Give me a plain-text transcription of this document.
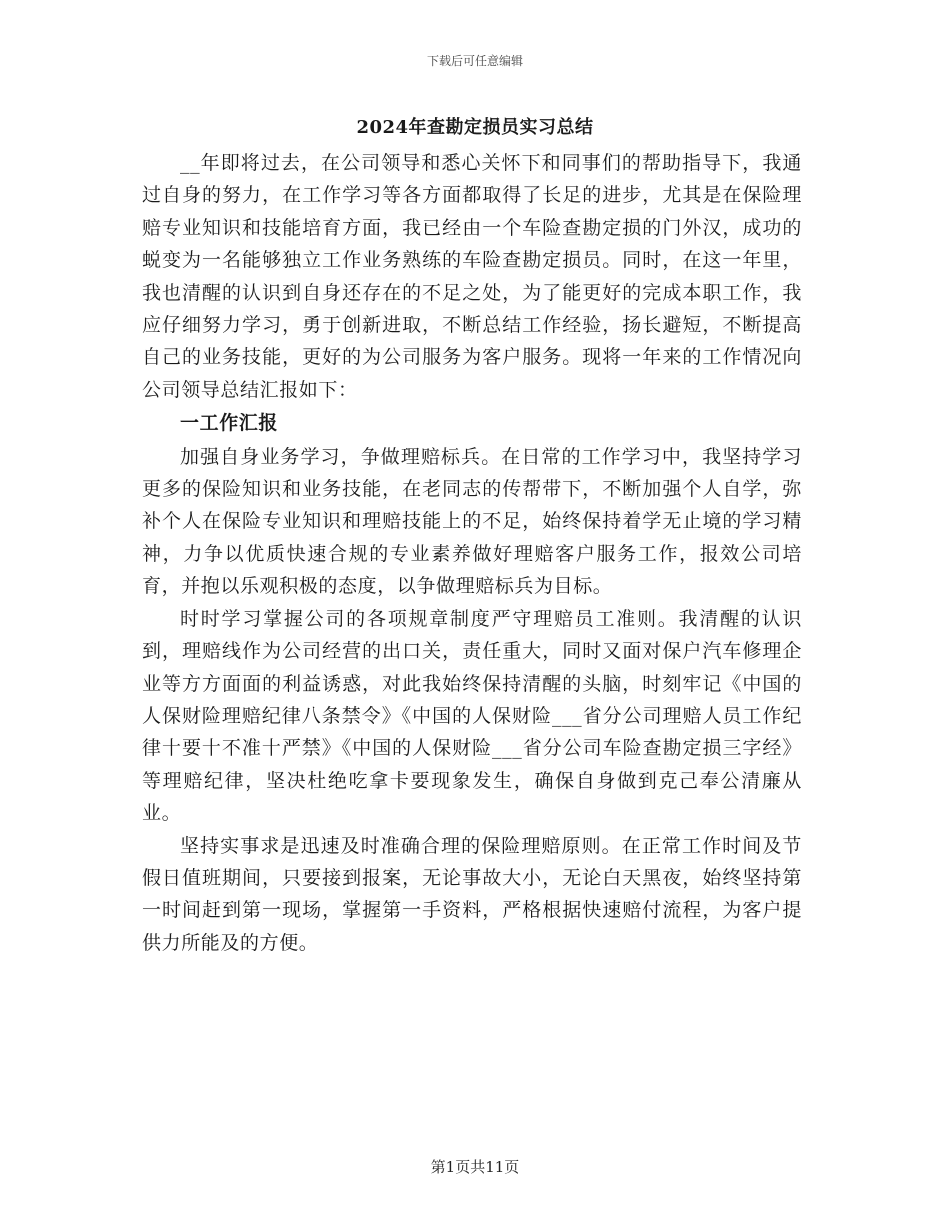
下载后可任意编辑
2024年查勘定损员实习总结

__年即将过去，在公司领导和悉心关怀下和同事们的帮助指导下，我通过自身的努力，在工作学习等各方面都取得了长足的进步，尤其是在保险理赔专业知识和技能培育方面，我已经由一个车险查勘定损的门外汉，成功的蜕变为一名能够独立工作业务熟练的车险查勘定损员。同时，在这一年里，我也清醒的认识到自身还存在的不足之处，为了能更好的完成本职工作，我应仔细努力学习，勇于创新进取，不断总结工作经验，扬长避短，不断提高自己的业务技能，更好的为公司服务为客户服务。现将一年来的工作情况向公司领导总结汇报如下：

一工作汇报

加强自身业务学习，争做理赔标兵。在日常的工作学习中，我坚持学习更多的保险知识和业务技能，在老同志的传帮带下，不断加强个人自学，弥补个人在保险专业知识和理赔技能上的不足，始终保持着学无止境的学习精神，力争以优质快速合规的专业素养做好理赔客户服务工作，报效公司培育，并抱以乐观积极的态度，以争做理赔标兵为目标。

时时学习掌握公司的各项规章制度严守理赔员工准则。我清醒的认识到，理赔线作为公司经营的出口关，责任重大，同时又面对保户汽车修理企业等方方面面的利益诱惑，对此我始终保持清醒的头脑，时刻牢记《中国的人保财险理赔纪律八条禁令》《中国的人保财险___省分公司理赔人员工作纪律十要十不准十严禁》《中国的人保财险___省分公司车险查勘定损三字经》等理赔纪律，坚决杜绝吃拿卡要现象发生，确保自身做到克己奉公清廉从业。

坚持实事求是迅速及时准确合理的保险理赔原则。在正常工作时间及节假日值班期间，只要接到报案，无论事故大小，无论白天黑夜，始终坚持第一时间赶到第一现场，掌握第一手资料，严格根据快速赔付流程，为客户提供力所能及的方便。

第1页共11页
